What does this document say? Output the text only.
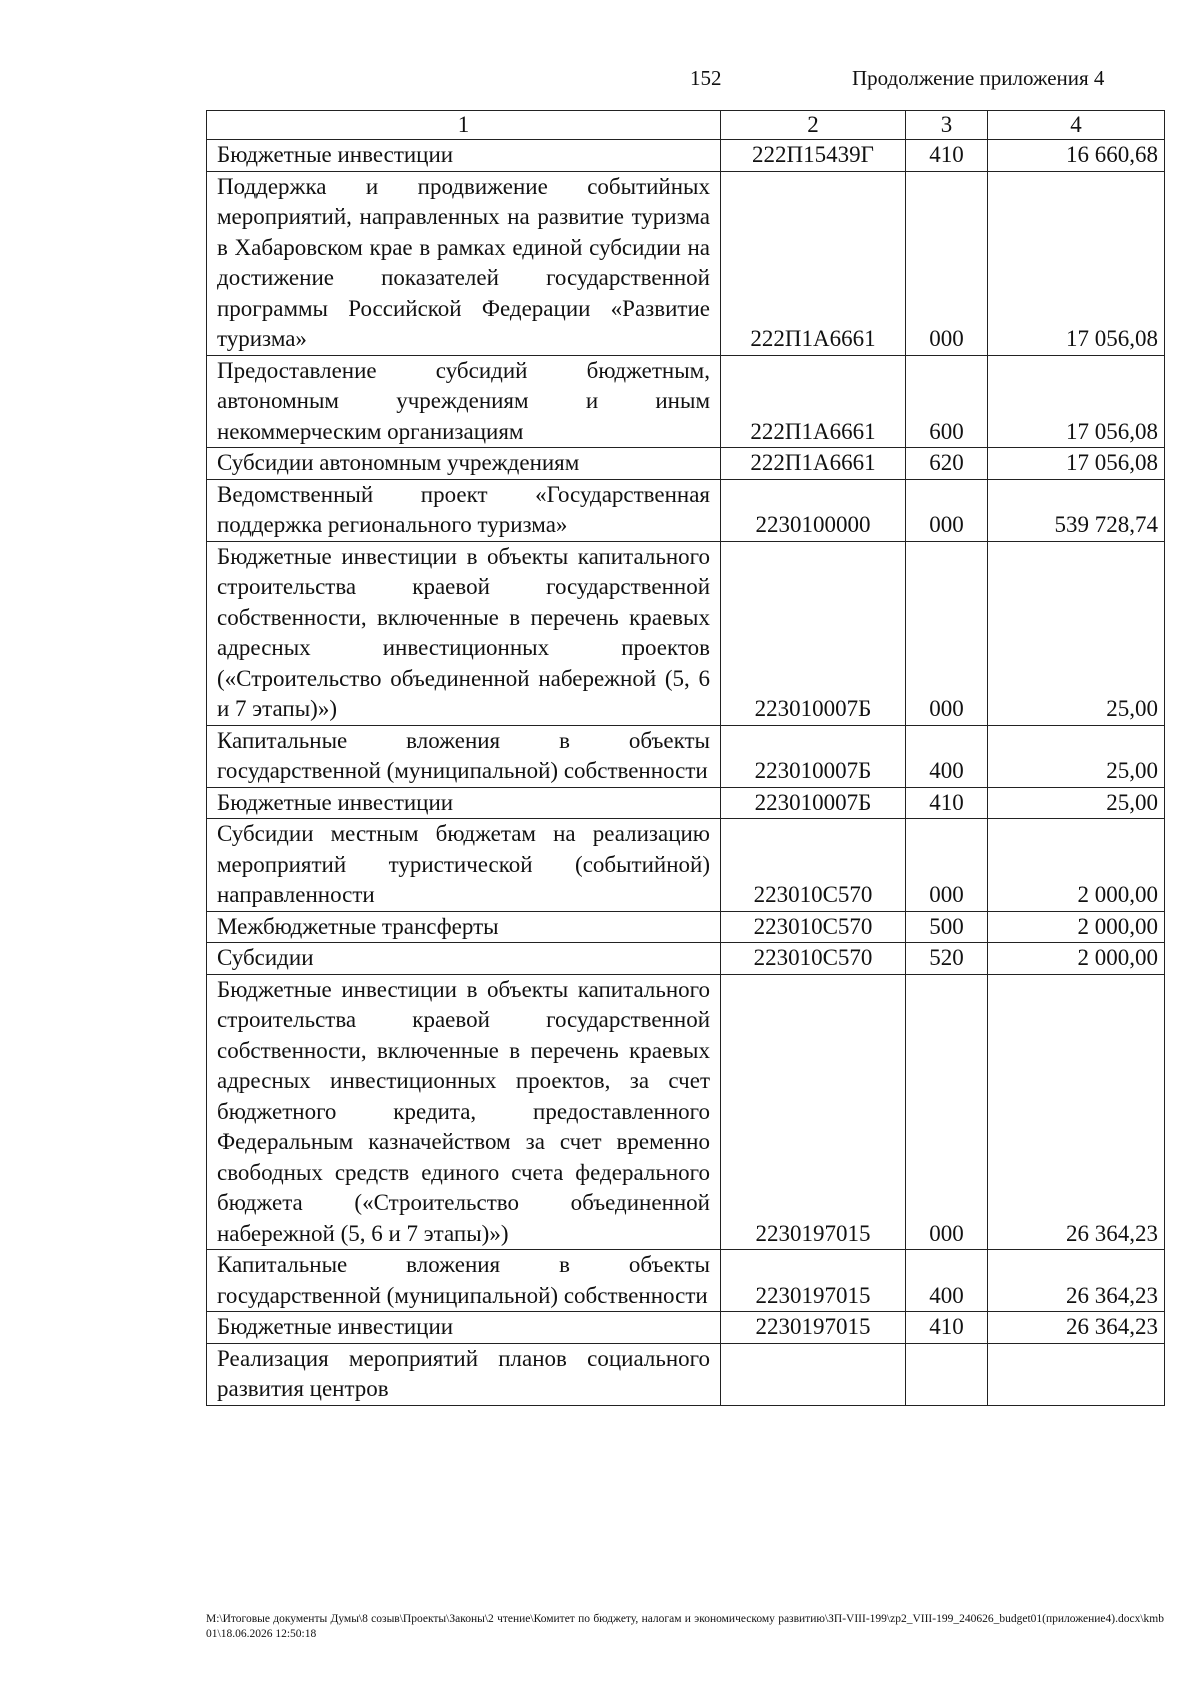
152	Продолжение приложения 4
1	2	3	4
Бюджетные инвестиции	222П15439Г	410	16 660,68
Поддержка и продвижение событийных мероприятий, направленных на развитие туризма в Хабаровском крае в рамках единой субсидии на достижение показателей государственной программы Российской Федерации «Развитие туризма»	222П1А6661	000	17 056,08
Предоставление субсидий бюджетным, автономным учреждениям и иным некоммерческим организациям	222П1А6661	600	17 056,08
Субсидии автономным учреждениям	222П1А6661	620	17 056,08
Ведомственный проект «Государственная поддержка регионального туризма»	2230100000	000	539 728,74
Бюджетные инвестиции в объекты капитального строительства краевой государственной собственности, включенные в перечень краевых адресных инвестиционных проектов («Строительство объединенной набережной (5, 6 и 7 этапы)»)	223010007Б	000	25,00
Капитальные вложения в объекты государственной (муниципальной) собственности	223010007Б	400	25,00
Бюджетные инвестиции	223010007Б	410	25,00
Субсидии местным бюджетам на реализацию мероприятий туристической (событийной) направленности	223010С570	000	2 000,00
Межбюджетные трансферты	223010С570	500	2 000,00
Субсидии	223010С570	520	2 000,00
Бюджетные инвестиции в объекты капитального строительства краевой государственной собственности, включенные в перечень краевых адресных инвестиционных проектов, за счет бюджетного кредита, предоставленного Федеральным казначейством за счет временно свободных средств единого счета федерального бюджета («Строительство объединенной набережной (5, 6 и 7 этапы)»)	2230197015	000	26 364,23
Капитальные вложения в объекты государственной (муниципальной) собственности	2230197015	400	26 364,23
Бюджетные инвестиции	2230197015	410	26 364,23
Реализация мероприятий планов социального развития центров			
M:\Итоговые документы Думы\8 созыв\Проекты\Законы\2 чтение\Комитет по бюджету, налогам и экономическому развитию\ЗП-VIII-199\zp2_VIII-199_240626_budget01(приложение4).docx\kmb01\18.06.2026 12:50:18
